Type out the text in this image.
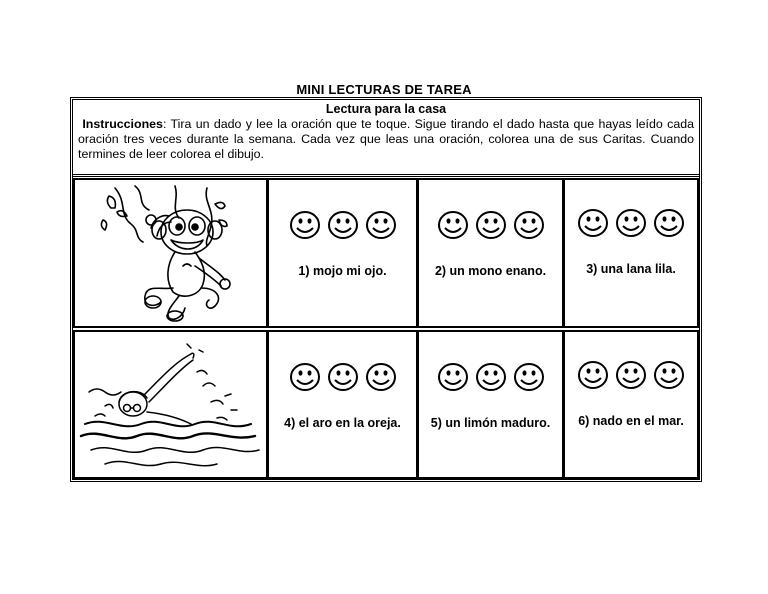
MINI LECTURAS DE TAREA
Lectura para la casa
Instrucciones: Tira un dado y lee la oración que te toque. Sigue tirando el dado hasta que hayas leído cada oración tres veces durante la semana. Cada vez que leas una oración, colorea una de sus Caritas. Cuando termines de leer colorea el dibujo.
1) mojo mi ojo.	2) un mono enano.	3) una lana lila.
4) el aro en la oreja.	5) un limón maduro.	6) nado en el mar.
